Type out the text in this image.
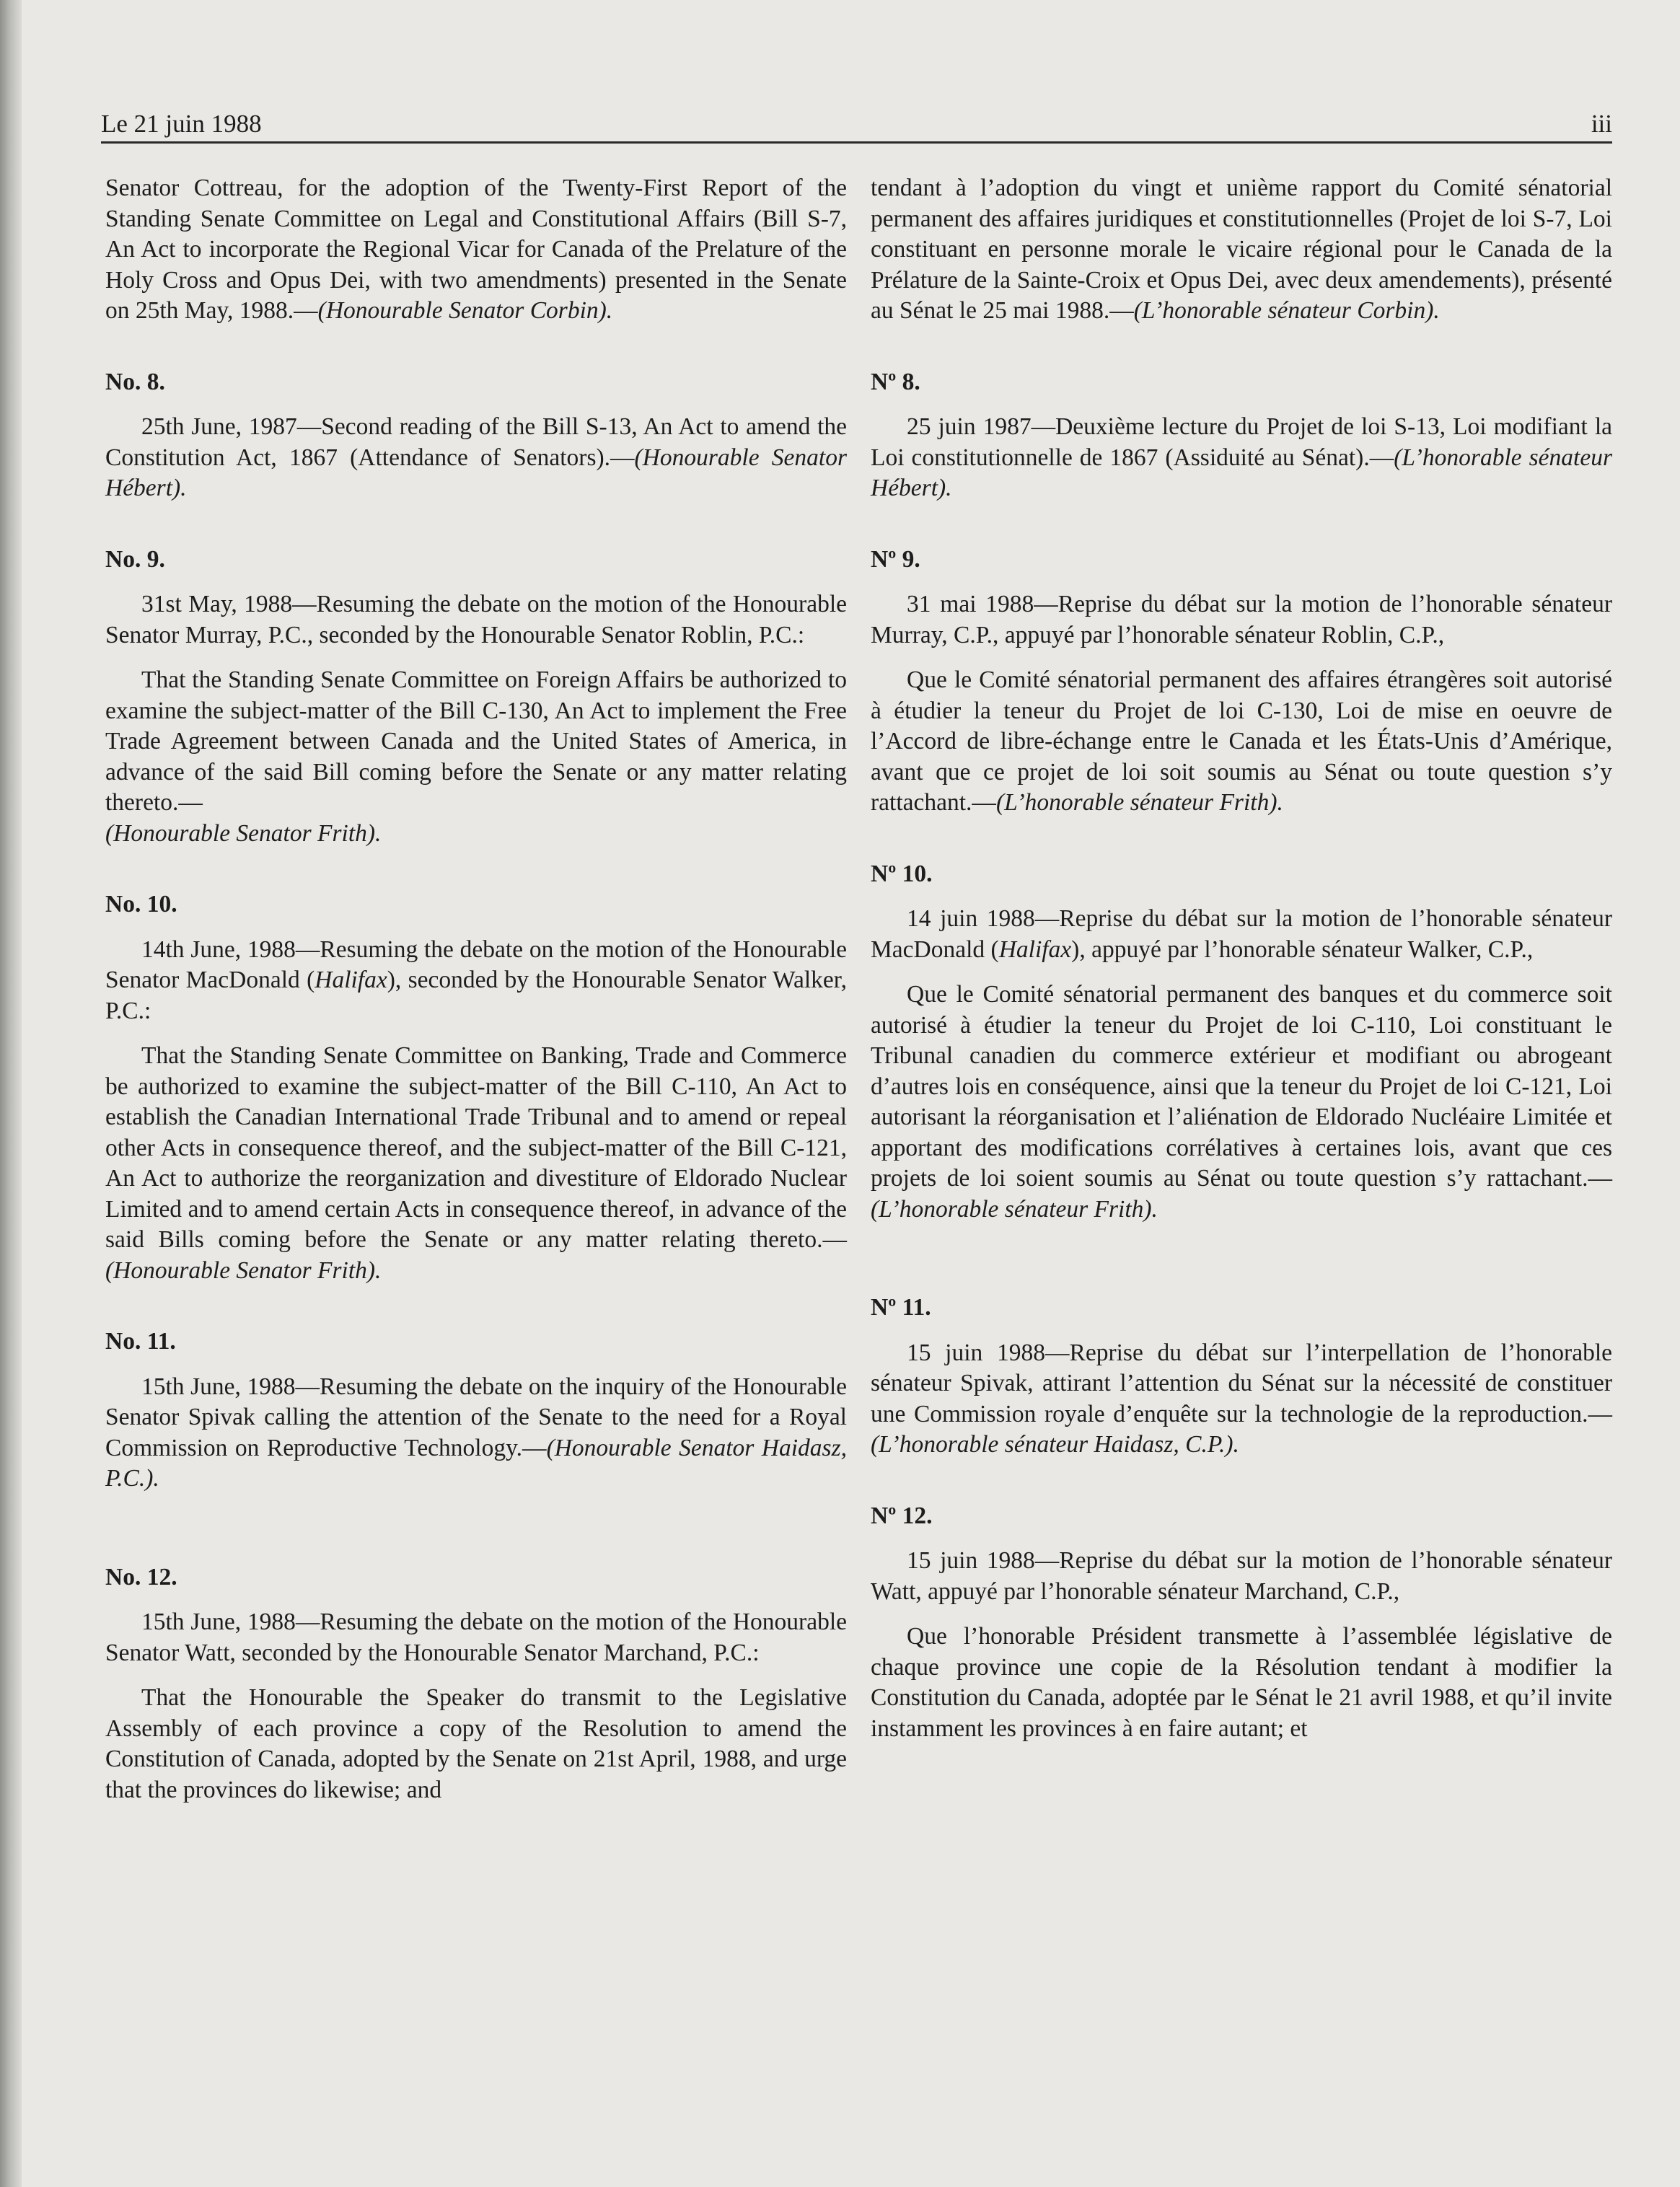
Le 21 juin 1988	iii

Senator Cottreau, for the adoption of the Twenty-First Report of the Standing Senate Committee on Legal and Constitutional Affairs (Bill S-7, An Act to incorporate the Regional Vicar for Canada of the Prelature of the Holy Cross and Opus Dei, with two amendments) presented in the Senate on 25th May, 1988.—(Honourable Senator Corbin).

No. 8.

25th June, 1987—Second reading of the Bill S-13, An Act to amend the Constitution Act, 1867 (Attendance of Senators).—(Honourable Senator Hébert).

No. 9.

31st May, 1988—Resuming the debate on the motion of the Honourable Senator Murray, P.C., seconded by the Honourable Senator Roblin, P.C.:

That the Standing Senate Committee on Foreign Affairs be authorized to examine the subject-matter of the Bill C-130, An Act to implement the Free Trade Agreement between Canada and the United States of America, in advance of the said Bill coming before the Senate or any matter relating thereto.—
(Honourable Senator Frith).

No. 10.

14th June, 1988—Resuming the debate on the motion of the Honourable Senator MacDonald (Halifax), seconded by the Honourable Senator Walker, P.C.:

That the Standing Senate Committee on Banking, Trade and Commerce be authorized to examine the subject-matter of the Bill C-110, An Act to establish the Canadian International Trade Tribunal and to amend or repeal other Acts in consequence thereof, and the subject-matter of the Bill C-121, An Act to authorize the reorganization and divestiture of Eldorado Nuclear Limited and to amend certain Acts in consequence thereof, in advance of the said Bills coming before the Senate or any matter relating thereto.—(Honourable Senator Frith).

No. 11.

15th June, 1988—Resuming the debate on the inquiry of the Honourable Senator Spivak calling the attention of the Senate to the need for a Royal Commission on Reproductive Technology.—(Honourable Senator Haidasz, P.C.).

No. 12.

15th June, 1988—Resuming the debate on the motion of the Honourable Senator Watt, seconded by the Honourable Senator Marchand, P.C.:

That the Honourable the Speaker do transmit to the Legislative Assembly of each province a copy of the Resolution to amend the Constitution of Canada, adopted by the Senate on 21st April, 1988, and urge that the provinces do likewise; and

tendant à l’adoption du vingt et unième rapport du Comité sénatorial permanent des affaires juridiques et constitutionnelles (Projet de loi S-7, Loi constituant en personne morale le vicaire régional pour le Canada de la Prélature de la Sainte-Croix et Opus Dei, avec deux amendements), présenté au Sénat le 25 mai 1988.—(L’honorable sénateur Corbin).

Nº 8.

25 juin 1987—Deuxième lecture du Projet de loi S-13, Loi modifiant la Loi constitutionnelle de 1867 (Assiduité au Sénat).—(L’honorable sénateur Hébert).

Nº 9.

31 mai 1988—Reprise du débat sur la motion de l’honorable sénateur Murray, C.P., appuyé par l’honorable sénateur Roblin, C.P.,

Que le Comité sénatorial permanent des affaires étrangères soit autorisé à étudier la teneur du Projet de loi C-130, Loi de mise en oeuvre de l’Accord de libre-échange entre le Canada et les États-Unis d’Amérique, avant que ce projet de loi soit soumis au Sénat ou toute question s’y rattachant.—(L’honorable sénateur Frith).

Nº 10.

14 juin 1988—Reprise du débat sur la motion de l’honorable sénateur MacDonald (Halifax), appuyé par l’honorable sénateur Walker, C.P.,

Que le Comité sénatorial permanent des banques et du commerce soit autorisé à étudier la teneur du Projet de loi C-110, Loi constituant le Tribunal canadien du commerce extérieur et modifiant ou abrogeant d’autres lois en conséquence, ainsi que la teneur du Projet de loi C-121, Loi autorisant la réorganisation et l’aliénation de Eldorado Nucléaire Limitée et apportant des modifications corrélatives à certaines lois, avant que ces projets de loi soient soumis au Sénat ou toute question s’y rattachant.—(L’honorable sénateur Frith).

Nº 11.

15 juin 1988—Reprise du débat sur l’interpellation de l’honorable sénateur Spivak, attirant l’attention du Sénat sur la nécessité de constituer une Commission royale d’enquête sur la technologie de la reproduction.—(L’honorable sénateur Haidasz, C.P.).

Nº 12.

15 juin 1988—Reprise du débat sur la motion de l’honorable sénateur Watt, appuyé par l’honorable sénateur Marchand, C.P.,

Que l’honorable Président transmette à l’assemblée législative de chaque province une copie de la Résolution tendant à modifier la Constitution du Canada, adoptée par le Sénat le 21 avril 1988, et qu’il invite instamment les provinces à en faire autant; et
